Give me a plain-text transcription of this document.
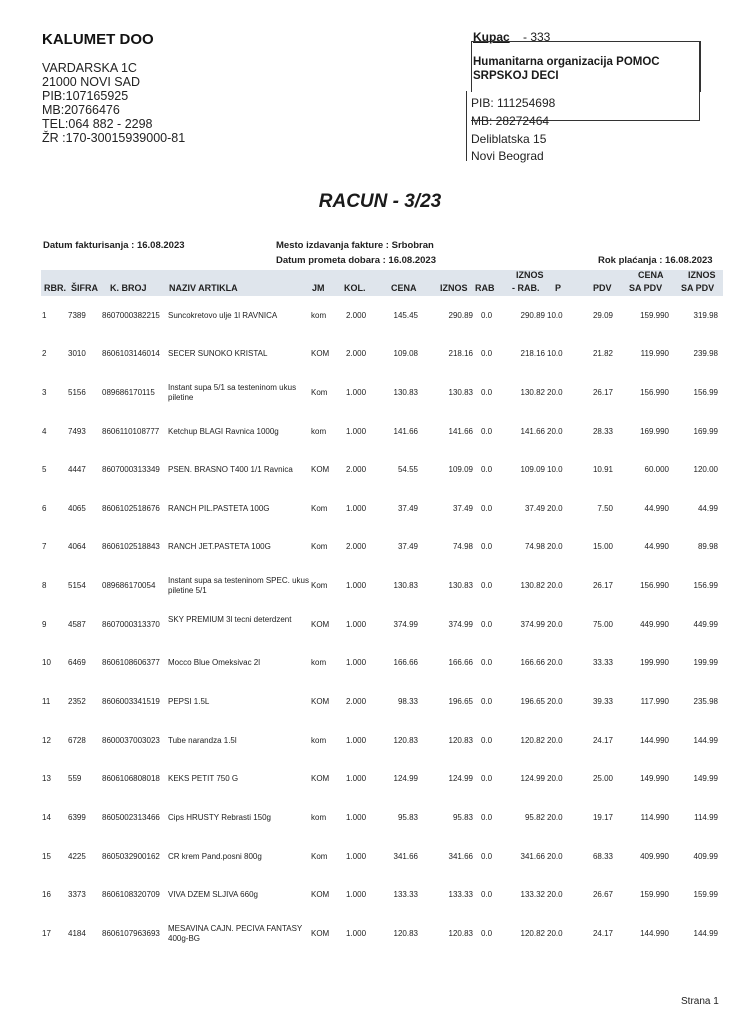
KALUMET DOO
VARDARSKA 1C
21000 NOVI SAD
PIB:107165925
MB:20766476
TEL:064 882 - 2298
ŽR :170-30015939000-81
Kupac - 333
Humanitarna organizacija POMOC SRPSKOJ DECI
PIB: 111254698
MB: 28272464
Deliblatska 15
Novi Beograd
RACUN - 3/23
Datum fakturisanja : 16.08.2023	Mesto izdavanja fakture : Srbobran
Datum prometa dobara : 16.08.2023	Rok plaćanja : 16.08.2023
RBR. ŠIFRA K. BROJ NAZIV ARTIKLA	JM KOL.	CENA	IZNOS RAB
IZNOS
- RAB. P	PDV
CENA
SA PDV
IZNOS
SA PDV
1	7389	8607000382215	Suncokretovo ulje 1l RAVNICA	kom	2.000	145.45	290.89 0.0	290.89 10.0	29.09	159.990	319.98
2	3010	8606103146014	SECER SUNOKO KRISTAL	KOM	2.000	109.08	218.16 0.0	218.16 10.0	21.82	119.990	239.98
3	5156	089686170115
Instant supa 5/1 sa testeninom ukus piletine
Kom	1.000	130.83	130.83 0.0	130.82 20.0	26.17	156.990	156.99
4	7493	8606110108777	Ketchup BLAGI Ravnica 1000g	kom	1.000	141.66	141.66 0.0	141.66 20.0	28.33	169.990	169.99
5	4447	8607000313349	PSEN. BRASNO T400 1/1 Ravnica	KOM	2.000	54.55	109.09 0.0	109.09 10.0	10.91	60.000	120.00
6	4065	8606102518676	RANCH PIL.PASTETA 100G	Kom	1.000	37.49	37.49 0.0	37.49 20.0	7.50	44.990	44.99
7	4064	8606102518843	RANCH JET.PASTETA 100G	Kom	2.000	37.49	74.98 0.0	74.98 20.0	15.00	44.990	89.98
8	5154	089686170054
Instant supa sa testeninom SPEC. ukus piletine 5/1
Kom	1.000	130.83	130.83 0.0	130.82 20.0	26.17	156.990	156.99
9	4587	8607000313370
SKY PREMIUM 3l tecni deterdzent
KOM	1.000	374.99	374.99 0.0	374.99 20.0	75.00	449.990	449.99
10	6469	8606108606377	Mocco Blue Omeksivac 2l	kom	1.000	166.66	166.66 0.0	166.66 20.0	33.33	199.990	199.99
11	2352	8606003341519	PEPSI 1.5L	KOM	2.000	98.33	196.65 0.0	196.65 20.0	39.33	117.990	235.98
12	6728	8600037003023	Tube narandza 1.5l	kom	1.000	120.83	120.83 0.0	120.82 20.0	24.17	144.990	144.99
13	559	8606106808018	KEKS PETIT 750 G	KOM	1.000	124.99	124.99 0.0	124.99 20.0	25.00	149.990	149.99
14	6399	8605002313466	Cips HRUSTY Rebrasti 150g	kom	1.000	95.83	95.83 0.0	95.82 20.0	19.17	114.990	114.99
15	4225	8605032900162	CR krem Pand.posni 800g	Kom	1.000	341.66	341.66 0.0	341.66 20.0	68.33	409.990	409.99
16	3373	8606108320709	VIVA DZEM SLJIVA 660g	KOM	1.000	133.33	133.33 0.0	133.32 20.0	26.67	159.990	159.99
17	4184	8606107963693
MESAVINA CAJN. PECIVA FANTASY 400g-BG
KOM	1.000	120.83	120.83 0.0	120.82 20.0	24.17	144.990	144.99
Strana 1
